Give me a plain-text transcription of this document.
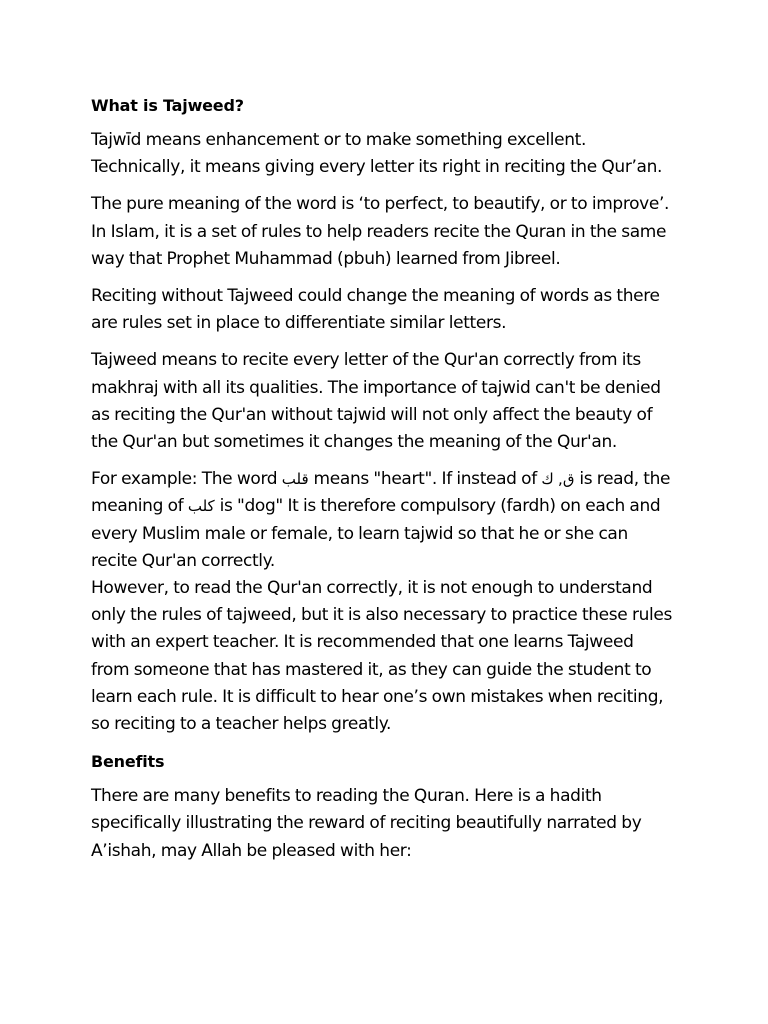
What is Tajweed?
Tajwīd means enhancement or to make something excellent.
Technically, it means giving every letter its right in reciting the Qur’an.
The pure meaning of the word is ‘to perfect, to beautify, or to improve’.
In Islam, it is a set of rules to help readers recite the Quran in the same
way that Prophet Muhammad (pbuh) learned from Jibreel.
Reciting without Tajweed could change the meaning of words as there
are rules set in place to differentiate similar letters.
Tajweed means to recite every letter of the Qur'an correctly from its
makhraj with all its qualities. The importance of tajwid can't be denied
as reciting the Qur'an without tajwid will not only affect the beauty of
the Qur'an but sometimes it changes the meaning of the Qur'an.
For example: The word قلب means "heart". If instead of ق, ك is read, the
meaning of كلب is "dog" It is therefore compulsory (fardh) on each and
every Muslim male or female, to learn tajwid so that he or she can
recite Qur'an correctly.
However, to read the Qur'an correctly, it is not enough to understand
only the rules of tajweed, but it is also necessary to practice these rules
with an expert teacher. It is recommended that one learns Tajweed
from someone that has mastered it, as they can guide the student to
learn each rule. It is difficult to hear one’s own mistakes when reciting,
so reciting to a teacher helps greatly.
Benefits
There are many benefits to reading the Quran. Here is a hadith
specifically illustrating the reward of reciting beautifully narrated by
A’ishah, may Allah be pleased with her:
